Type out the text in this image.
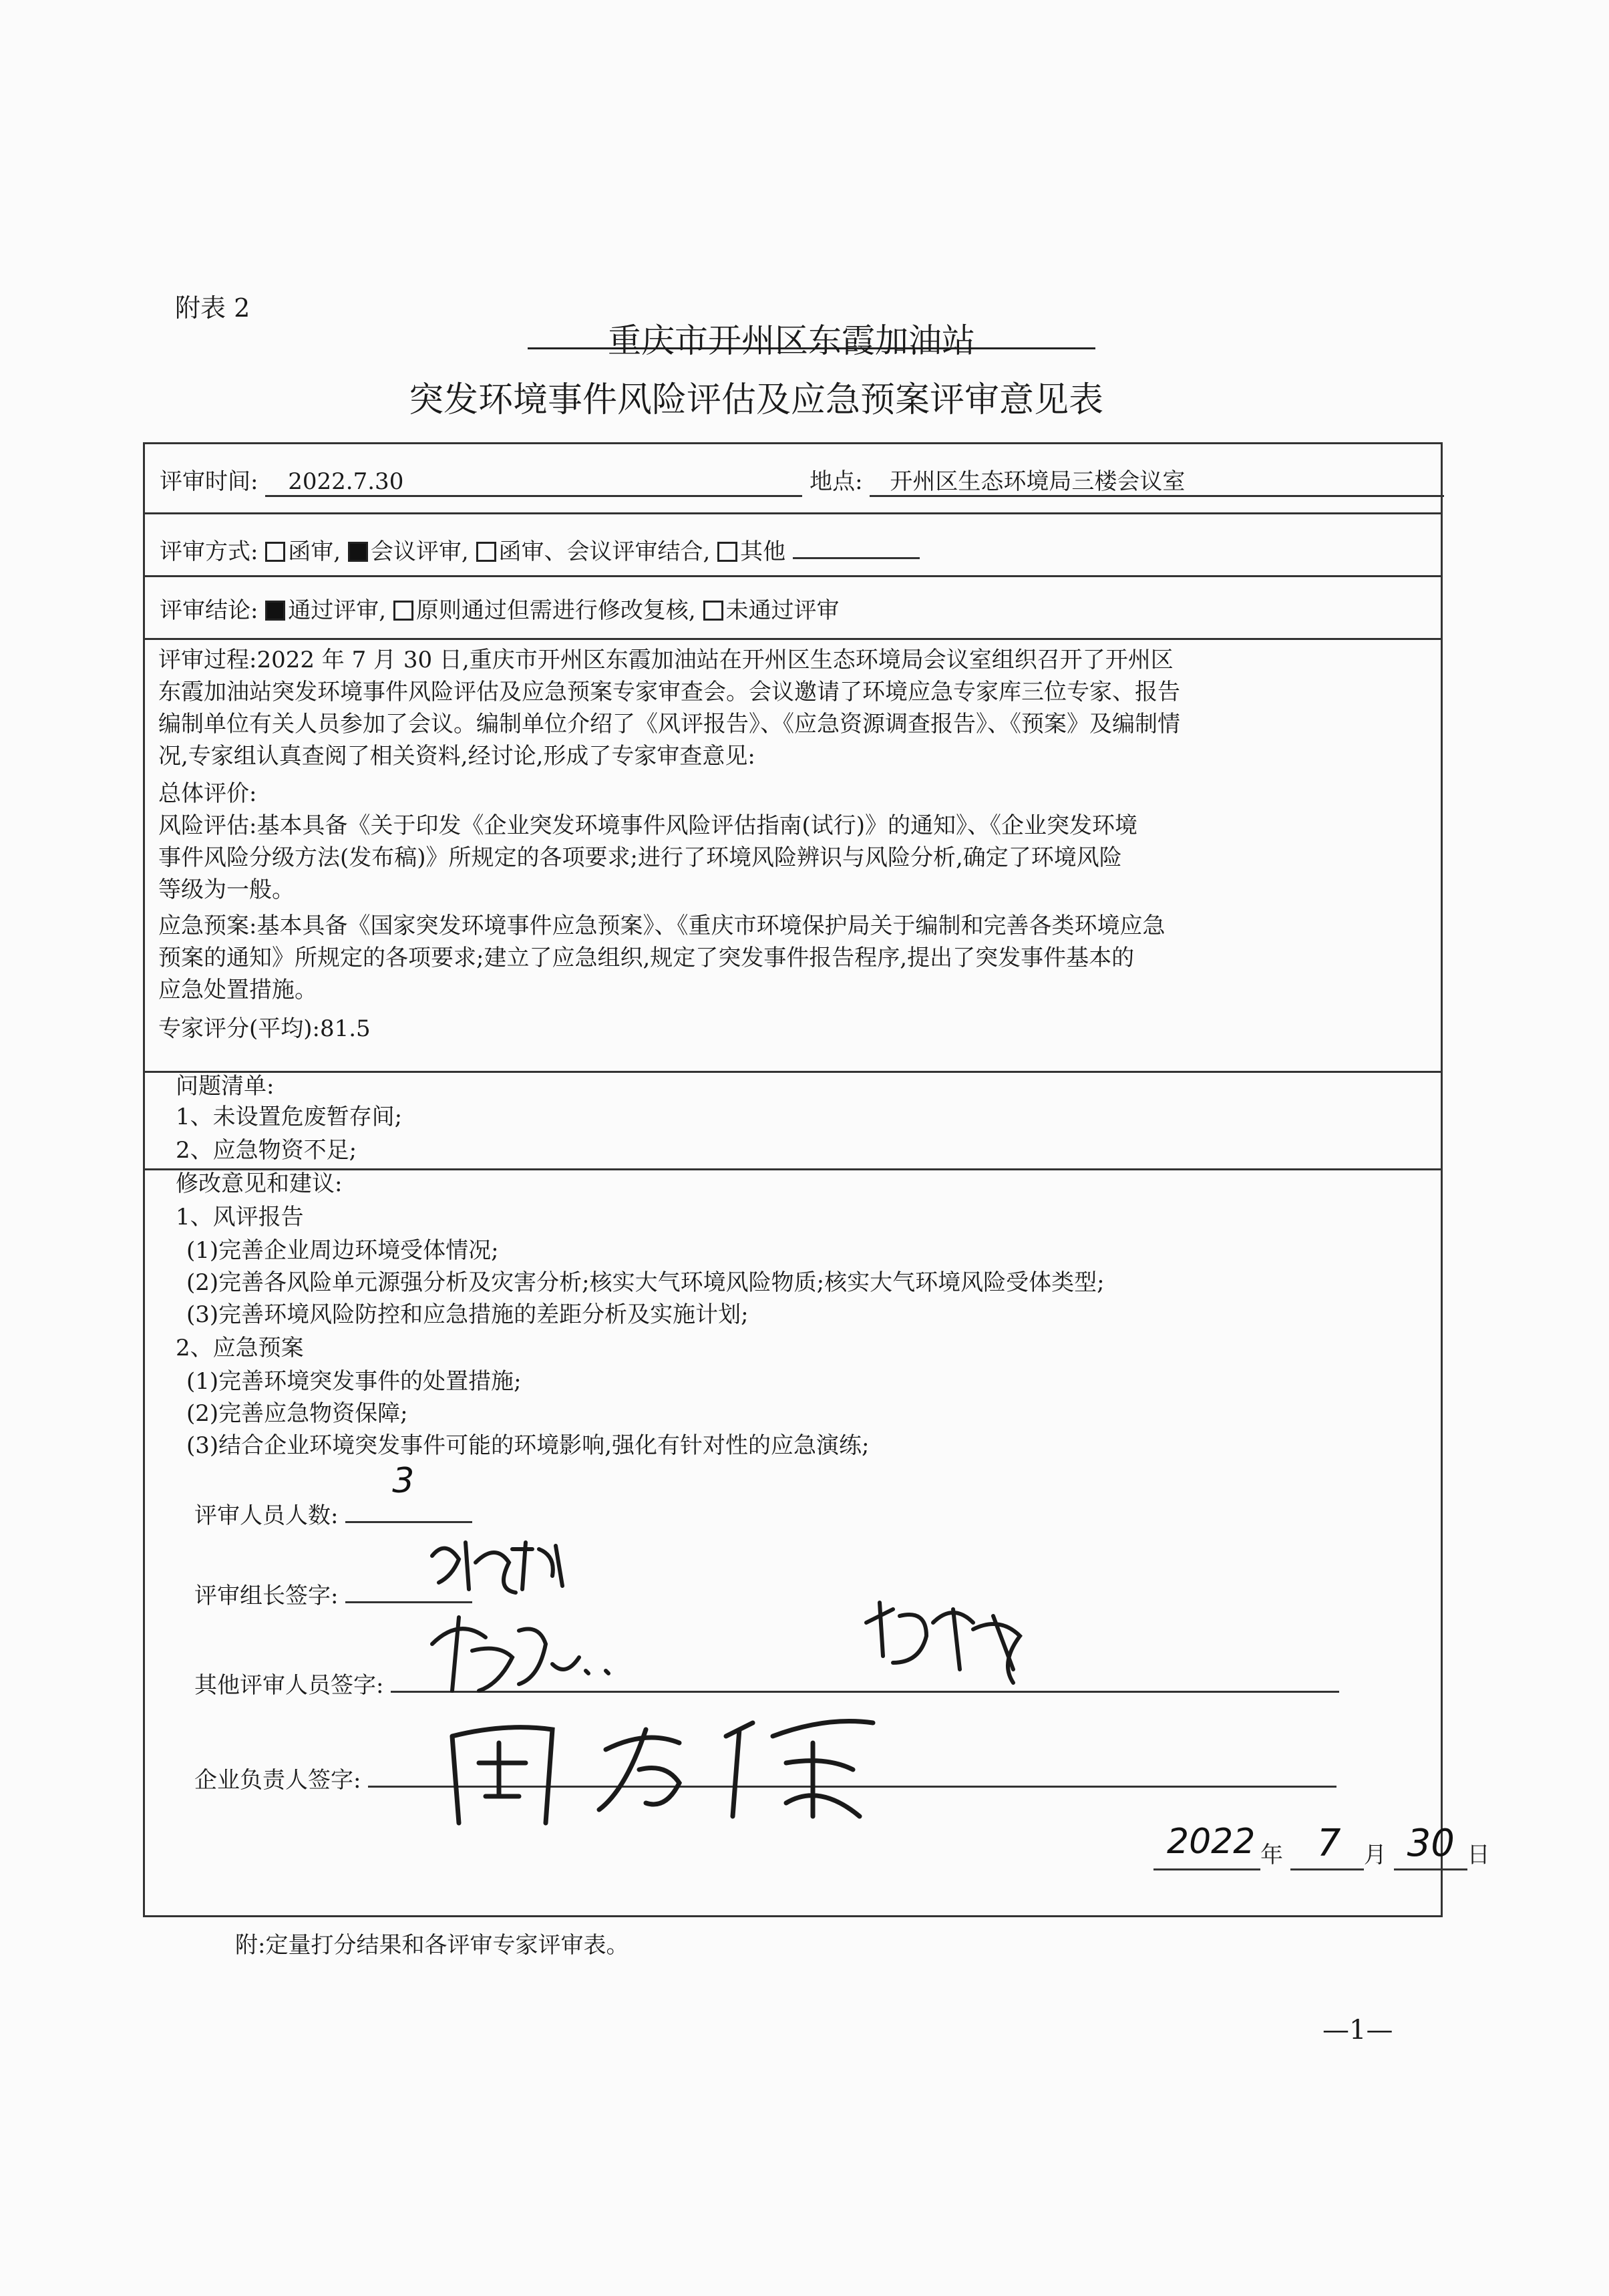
附表 2
重庆市开州区东霞加油站
突发环境事件风险评估及应急预案评审意见表
评审时间: 2022.7.30	地点: 开州区生态环境局三楼会议室
评审方式: 函审, 会议评审, 函审、会议评审结合, 其他
评审结论: 通过评审, 原则通过但需进行修改复核, 未通过评审
评审过程:2022 年 7 月 30 日,重庆市开州区东霞加油站在开州区生态环境局会议室组织召开了开州区
东霞加油站突发环境事件风险评估及应急预案专家审查会。会议邀请了环境应急专家库三位专家、报告
编制单位有关人员参加了会议。编制单位介绍了《风评报告》、《应急资源调查报告》、《预案》及编制情
况,专家组认真查阅了相关资料,经讨论,形成了专家审查意见:
总体评价:
风险评估:基本具备《关于印发《企业突发环境事件风险评估指南(试行)》的通知》、《企业突发环境
事件风险分级方法(发布稿)》所规定的各项要求;进行了环境风险辨识与风险分析,确定了环境风险
等级为一般。
应急预案:基本具备《国家突发环境事件应急预案》、《重庆市环境保护局关于编制和完善各类环境应急
预案的通知》所规定的各项要求;建立了应急组织,规定了突发事件报告程序,提出了突发事件基本的
应急处置措施。
专家评分(平均):81.5
问题清单:
1、未设置危废暂存间;
2、应急物资不足;
修改意见和建议:
1、风评报告
(1)完善企业周边环境受体情况;
(2)完善各风险单元源强分析及灾害分析;核实大气环境风险物质;核实大气环境风险受体类型;
(3)完善环境风险防控和应急措施的差距分析及实施计划;
2、应急预案
(1)完善环境突发事件的处置措施;
(2)完善应急物资保障;
(3)结合企业环境突发事件可能的环境影响,强化有针对性的应急演练;
评审人员人数:
3
评审组长签字:
其他评审人员签字:
企业负责人签字:
2022 年 7 月 30 日
附:定量打分结果和各评审专家评审表。
—1—
